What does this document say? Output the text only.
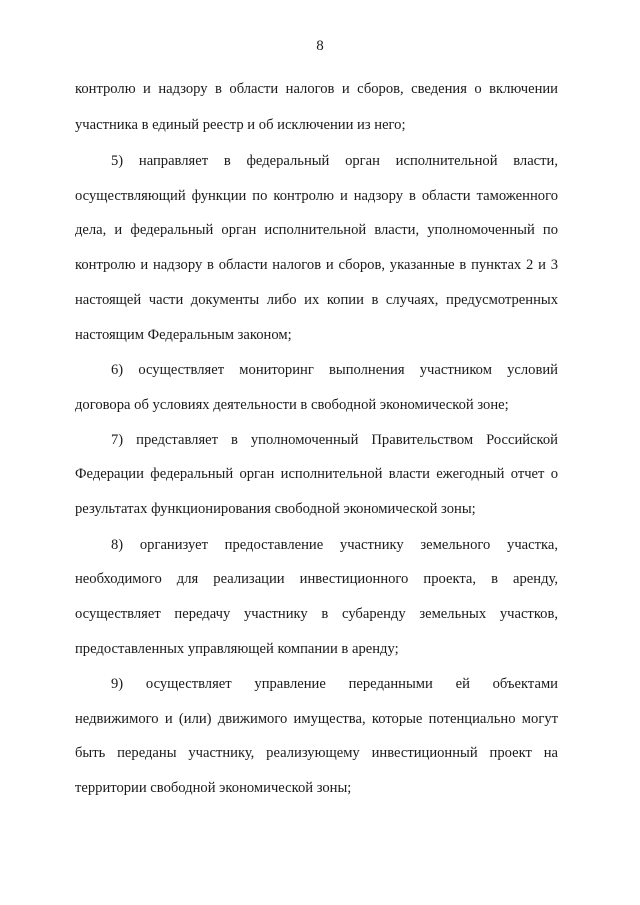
8
контролю и надзору в области налогов и сборов, сведения о включении
участника в единый реестр и об исключении из него;
5) направляет в федеральный орган исполнительной власти,
осуществляющий функции по контролю и надзору в области таможенного
дела, и федеральный орган исполнительной власти, уполномоченный по
контролю и надзору в области налогов и сборов, указанные в пунктах 2 и 3
настоящей части документы либо их копии в случаях, предусмотренных
настоящим Федеральным законом;
6) осуществляет мониторинг выполнения участником условий
договора об условиях деятельности в свободной экономической зоне;
7) представляет в уполномоченный Правительством Российской
Федерации федеральный орган исполнительной власти ежегодный отчет о
результатах функционирования свободной экономической зоны;
8) организует предоставление участнику земельного участка,
необходимого для реализации инвестиционного проекта, в аренду,
осуществляет передачу участнику в субаренду земельных участков,
предоставленных управляющей компании в аренду;
9) осуществляет управление переданными ей объектами
недвижимого и (или) движимого имущества, которые потенциально могут
быть переданы участнику, реализующему инвестиционный проект на
территории свободной экономической зоны;
